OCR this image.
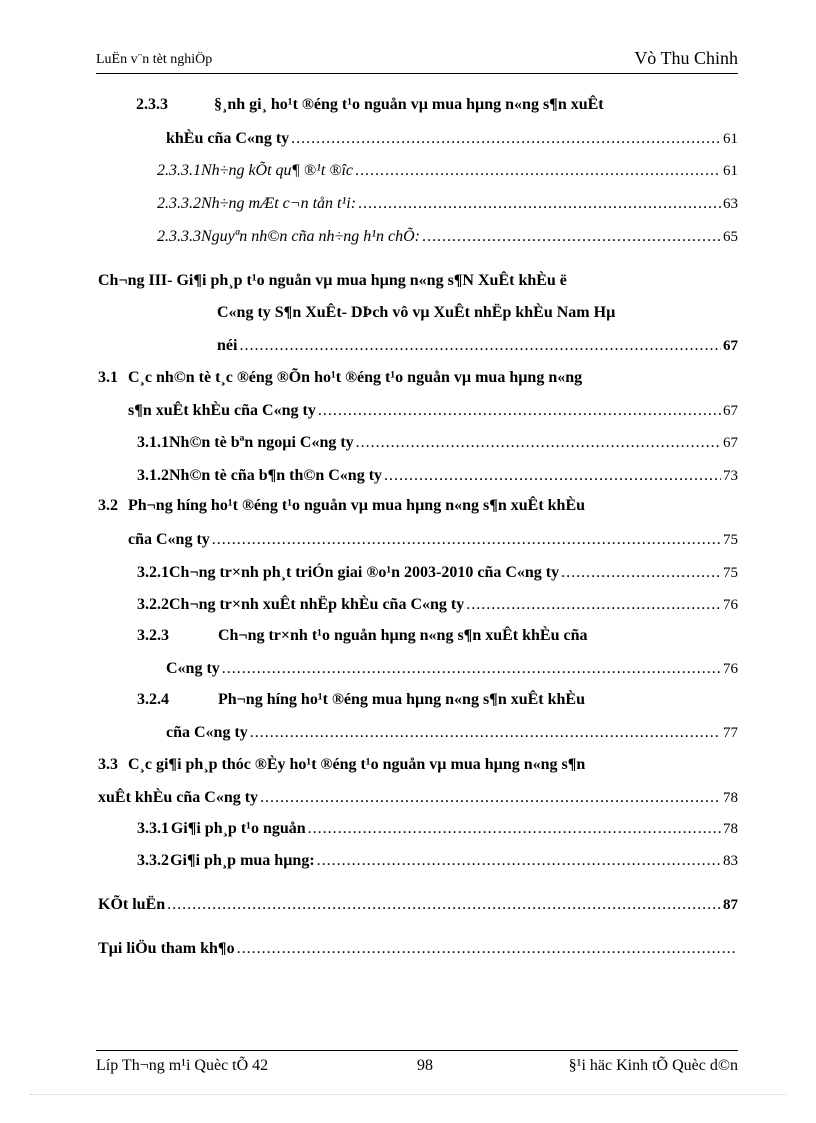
LuËn v¨n tèt nghiÖp	Vò Thu Chinh
2.3.3	§¸nh gi¸ ho¹t ®éng t¹o nguån vµ mua hµng n«ng s¶n xuÊt
khÈu cña C«ng ty .....	61
2.3.3.1 Nh÷ng kÕt qu¶ ®¹t ®îc .....	61
2.3.3.2 Nh÷ng mÆt c¬n tån t¹i: .....	63
2.3.3.3 Nguyªn nh©n cña nh÷ng h¹n chÕ: .....	65
Ch¬ng III - Gi¶i ph¸p t¹o nguån vµ mua hµng n«ng s¶N XuÊt khÈu ë
C«ng ty S¶n XuÊt- DÞch vô vµ XuÊt nhËp khÈu Nam Hµ
néi .....	67
3.1 C¸c nh©n tè t¸c ®éng ®Õn ho¹t ®éng t¹o nguån vµ mua hµng n«ng
s¶n xuÊt khÈu cña C«ng ty .....	67
3.1.1 Nh©n tè bªn ngoµi C«ng ty .....	67
3.1.2 Nh©n tè cña b¶n th©n C«ng ty .....	73
3.2 Ph¬ng híng ho¹t ®éng t¹o nguån vµ mua hµng n«ng s¶n xuÊt khÈu
cña C«ng ty .....	75
3.2.1 Ch¬ng tr×nh ph¸t triÓn giai ®o¹n 2003-2010 cña C«ng ty .....	75
3.2.2 Ch¬ng tr×nh xuÊt nhËp khÈu cña C«ng ty .....	76
3.2.3	Ch¬ng tr×nh t¹o nguån hµng n«ng s¶n xuÊt khÈu cña
C«ng ty .....	76
3.2.4	Ph¬ng híng ho¹t ®éng mua hµng n«ng s¶n xuÊt khÈu
cña C«ng ty .....	77
3.3 C¸c gi¶i ph¸p thóc ®Èy ho¹t ®éng t¹o nguån vµ mua hµng n«ng s¶n
xuÊt khÈu cña C«ng ty .....	78
3.3.1 Gi¶i ph¸p t¹o nguån .....	78
3.3.2 Gi¶i ph¸p mua hµng: .....	83
KÕt luËn .....	87
Tµi liÖu tham kh¶o
.....
Líp Th¬ng m¹i Quèc tÕ 42	98	§¹i häc Kinh tÕ Quèc d©n
